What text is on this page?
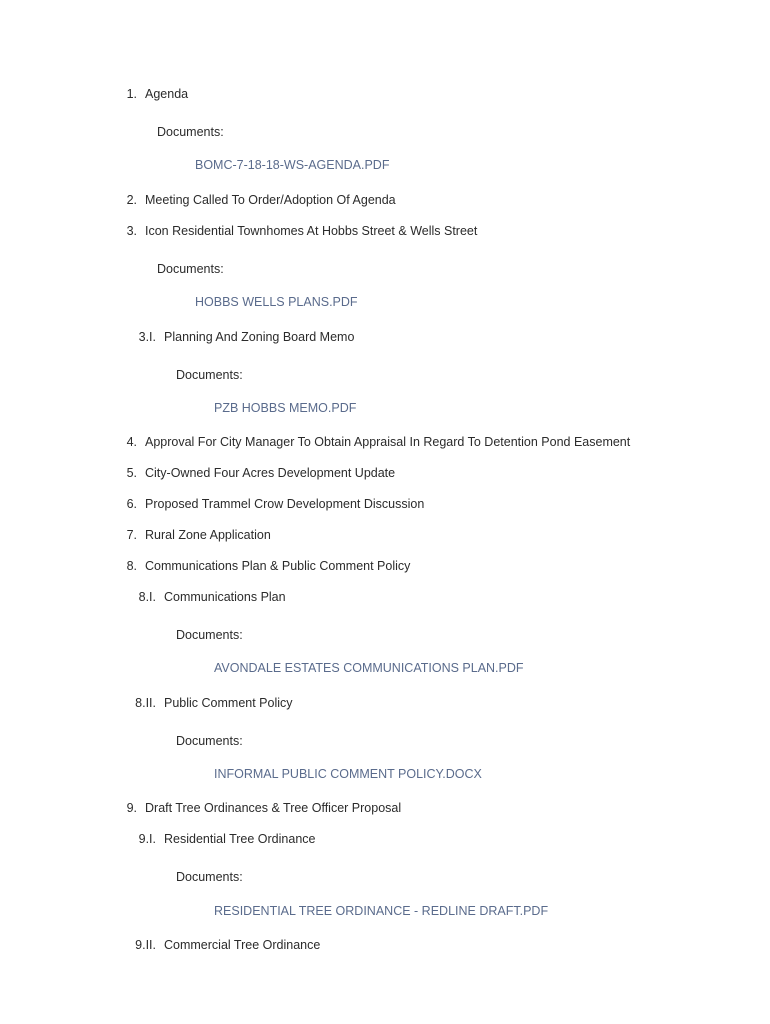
1. Agenda
Documents:
BOMC-7-18-18-WS-AGENDA.PDF
2. Meeting Called To Order/Adoption Of Agenda
3. Icon Residential Townhomes At Hobbs Street & Wells Street
Documents:
HOBBS WELLS PLANS.PDF
3.I. Planning And Zoning Board Memo
Documents:
PZB HOBBS MEMO.PDF
4. Approval For City Manager To Obtain Appraisal In Regard To Detention Pond Easement
5. City-Owned Four Acres Development Update
6. Proposed Trammel Crow Development Discussion
7. Rural Zone Application
8. Communications Plan & Public Comment Policy
8.I. Communications Plan
Documents:
AVONDALE ESTATES COMMUNICATIONS PLAN.PDF
8.II. Public Comment Policy
Documents:
INFORMAL PUBLIC COMMENT POLICY.DOCX
9. Draft Tree Ordinances & Tree Officer Proposal
9.I. Residential Tree Ordinance
Documents:
RESIDENTIAL TREE ORDINANCE - REDLINE DRAFT.PDF
9.II. Commercial Tree Ordinance
